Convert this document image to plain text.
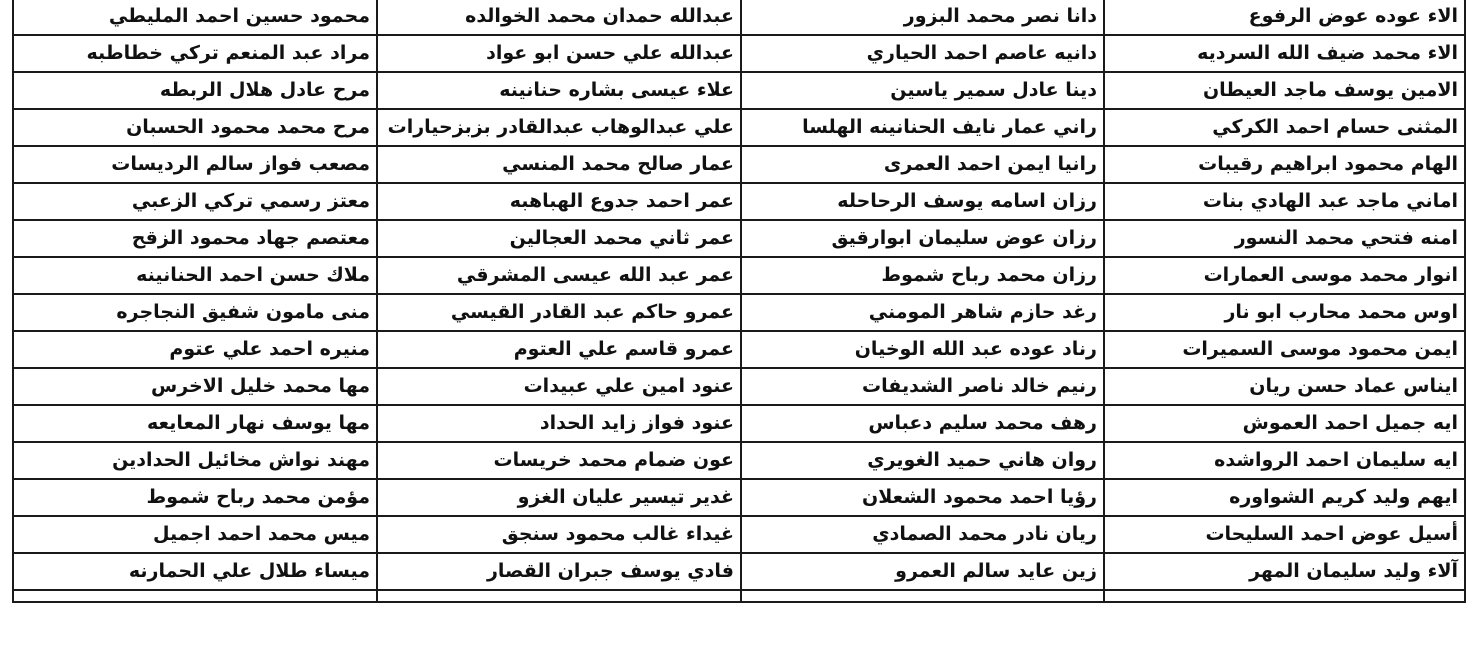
الاء عوده عوض الرفوع	دانا نصر محمد البزور	عبدالله حمدان محمد الخوالده	محمود حسين احمد المليطي
الاء محمد ضيف الله السرديه	دانيه عاصم احمد الحياري	عبدالله علي حسن ابو عواد	مراد عبد المنعم تركي خطاطبه
الامين يوسف ماجد العيطان	دينا عادل سمير ياسين	علاء عيسى بشاره حنانينه	مرح عادل هلال الربطه
المثنى حسام احمد الكركي	راني عمار نايف الحنانينه الهلسا	علي عبدالوهاب عبدالقادر بزبزحيارات	مرح محمد محمود الحسبان
الهام محمود ابراهيم رقيبات	رانيا ايمن احمد العمرى	عمار صالح محمد المنسي	مصعب فواز سالم الرديسات
اماني ماجد عبد الهادي بنات	رزان اسامه يوسف الرحاحله	عمر احمد جدوع الهباهبه	معتز رسمي تركي الزعبي
امنه فتحي محمد النسور	رزان عوض سليمان ابوارقيق	عمر ثاني محمد العجالين	معتصم جهاد محمود الزقح
انوار محمد موسى العمارات	رزان محمد رباح شموط	عمر عبد الله عيسى المشرقي	ملاك حسن احمد الحنانينه
اوس محمد محارب ابو نار	رغد حازم شاهر المومني	عمرو حاكم عبد القادر القيسي	منى مامون شفيق النجاجره
ايمن محمود موسى السميرات	رناد عوده عبد الله الوخيان	عمرو قاسم علي العتوم	منيره احمد علي عتوم
ايناس عماد حسن ريان	رنيم خالد ناصر الشديفات	عنود امين علي عبيدات	مها محمد خليل الاخرس
ايه جميل احمد العموش	رهف محمد سليم دعباس	عنود فواز زايد الحداد	مها يوسف نهار المعايعه
ايه سليمان احمد الرواشده	روان هاني حميد الغويري	عون ضمام محمد خريسات	مهند نواش مخائيل الحدادين
ايهم وليد كريم الشواوره	رؤيا احمد محمود الشعلان	غدير تيسير عليان الغزو	مؤمن محمد رباح شموط
أسيل عوض احمد السليحات	ريان نادر محمد الصمادي	غيداء غالب محمود سنجق	ميس محمد احمد اجميل
آلاء وليد سليمان المهر	زين عايد سالم العمرو	فادي يوسف جبران القصار	ميساء طلال علي الحمارنه
